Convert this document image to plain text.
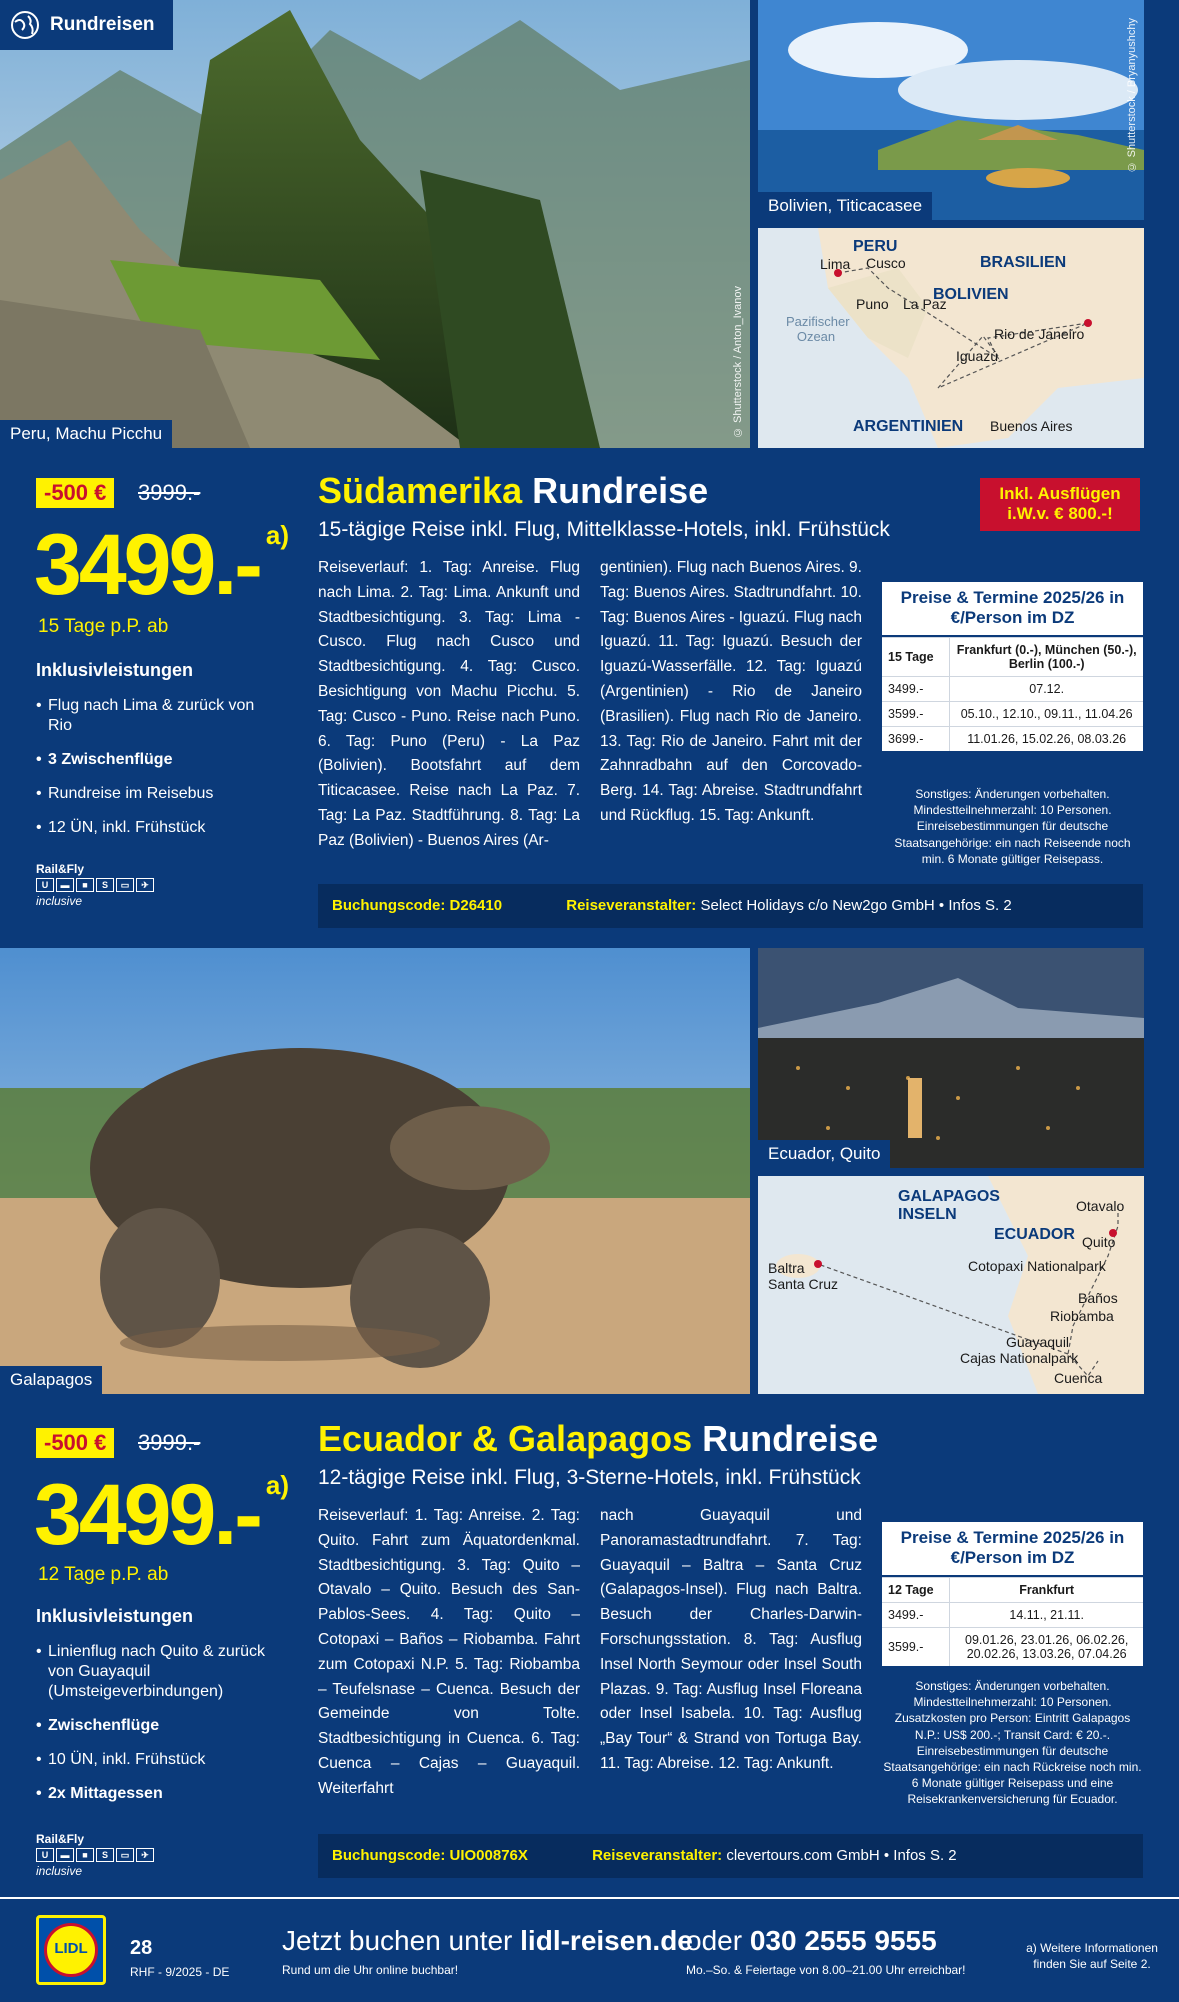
Rundreisen
Peru, Machu Picchu	© Shutterstock / Anton_Ivanov
Bolivien, Titicacasee
© Shutterstock / Bryanyushchy
PERU
BRASILIEN
BOLIVIEN
ARGENTINIEN
Pazifischer Ozean
Lima Cusco
Puno La Paz
Rio de Janeiro
Iguazú
Buenos Aires
-500 €	3999.-
3499.- $^{a)}$
15 Tage p.P. ab
Inklusivleistungen
• Flug nach Lima & zurück von Rio
• 3 Zwischenflüge
• Rundreise im Reisebus
• 12 ÜN, inkl. Frühstück
Rail&Fly
U	▬	■	S	▭	✈
inclusive
Südamerika Rundreise
15-tägige Reise inkl. Flug, Mittelklasse-Hotels, inkl. Frühstück
Inkl. Ausflügen i.W.v. € 800.-!
Reiseverlauf: 1. Tag: Anreise. Flug nach Lima. 2. Tag: Lima. Ankunft und Stadtbesichtigung. 3. Tag: Lima - Cusco. Flug nach Cusco und Stadtbesichtigung. 4. Tag: Cusco. Besichtigung von Machu Picchu. 5. Tag: Cusco - Puno. Reise nach Puno. 6. Tag: Puno (Peru) - La Paz (Bolivien). Bootsfahrt auf dem Titicacasee. Reise nach La Paz. 7. Tag: La Paz. Stadtführung. 8. Tag: La Paz (Bolivien) - Buenos Aires (Ar-
gentinien). Flug nach Buenos Aires. 9. Tag: Buenos Aires. Stadtrundfahrt. 10. Tag: Buenos Aires - Iguazú. Flug nach Iguazú. 11. Tag: Iguazú. Besuch der Iguazú-Wasserfälle. 12. Tag: Iguazú (Argentinien) - Rio de Janeiro (Brasilien). Flug nach Rio de Janeiro. 13. Tag: Rio de Janeiro. Fahrt mit der Zahnradbahn auf den Corcovado-Berg. 14. Tag: Abreise. Stadtrundfahrt und Rückflug. 15. Tag: Ankunft.
Preise & Termine 2025/26 in €/Person im DZ
15 Tage	Frankfurt (0.-), München (50.-), Berlin (100.-)
3499.-	07.12.
3599.-	05.10., 12.10., 09.11., 11.04.26
3699.-	11.01.26, 15.02.26, 08.03.26
Sonstiges: Änderungen vorbehalten. Mindestteilnehmerzahl: 10 Personen. Einreisebestimmungen für deutsche Staatsangehörige: ein nach Reiseende noch min. 6 Monate gültiger Reisepass.
Buchungscode: D26410	Reiseveranstalter: Select Holidays c/o New2go GmbH • Infos S. 2
Galapagos
Ecuador, Quito
GALAPAGOS INSELN
ECUADOR
Otavalo
Quito
Baltra
Santa Cruz
Cotopaxi Nationalpark
Baños
Riobamba
Guayaquil
Cajas Nationalpark
Cuenca
-500 €	3999.-
3499.- $^{a)}$
12 Tage p.P. ab
Inklusivleistungen
• Linienflug nach Quito & zurück von Guayaquil (Umsteigeverbindungen)
• Zwischenflüge
• 10 ÜN, inkl. Frühstück
• 2x Mittagessen
Rail&Fly
U	▬	■	S	▭	✈
inclusive
Ecuador & Galapagos Rundreise
12-tägige Reise inkl. Flug, 3-Sterne-Hotels, inkl. Frühstück
Reiseverlauf: 1. Tag: Anreise. 2. Tag: Quito. Fahrt zum Äquatordenkmal. Stadtbesichtigung. 3. Tag: Quito – Otavalo – Quito. Besuch des San-Pablos-Sees. 4. Tag: Quito – Cotopaxi – Baños – Riobamba. Fahrt zum Cotopaxi N.P. 5. Tag: Riobamba – Teufelsnase – Cuenca. Besuch der Gemeinde von Tolte. Stadtbesichtigung in Cuenca. 6. Tag: Cuenca – Cajas – Guayaquil. Weiterfahrt
nach Guayaquil und Panoramastadtrundfahrt. 7. Tag: Guayaquil – Baltra – Santa Cruz (Galapagos-Insel). Flug nach Baltra. Besuch der Charles-Darwin-Forschungsstation. 8. Tag: Ausflug Insel North Seymour oder Insel South Plazas. 9. Tag: Ausflug Insel Floreana oder Insel Isabela. 10. Tag: Ausflug „Bay Tour“ & Strand von Tortuga Bay. 11. Tag: Abreise. 12. Tag: Ankunft.
Preise & Termine 2025/26 in €/Person im DZ
12 Tage	Frankfurt
3499.-	14.11., 21.11.
3599.-	09.01.26, 23.01.26, 06.02.26, 20.02.26, 13.03.26, 07.04.26
Sonstiges: Änderungen vorbehalten. Mindestteilnehmerzahl: 10 Personen. Zusatzkosten pro Person: Eintritt Galapagos N.P.: US$ 200.-; Transit Card: € 20.-. Einreisebestimmungen für deutsche Staatsangehörige: ein nach Rückreise noch min. 6 Monate gültiger Reisepass und eine Reisekrankenversicherung für Ecuador.
Buchungscode: UIO00876X	Reiseveranstalter: clevertours.com GmbH • Infos S. 2
LIDL	28
RHF - 9/2025 - DE
Jetzt buchen unter lidl-reisen.de
Rund um die Uhr online buchbar!
oder 030 2555 9555
Mo.–So. & Feiertage von 8.00–21.00 Uhr erreichbar!
a) Weitere Informationen finden Sie auf Seite 2.
